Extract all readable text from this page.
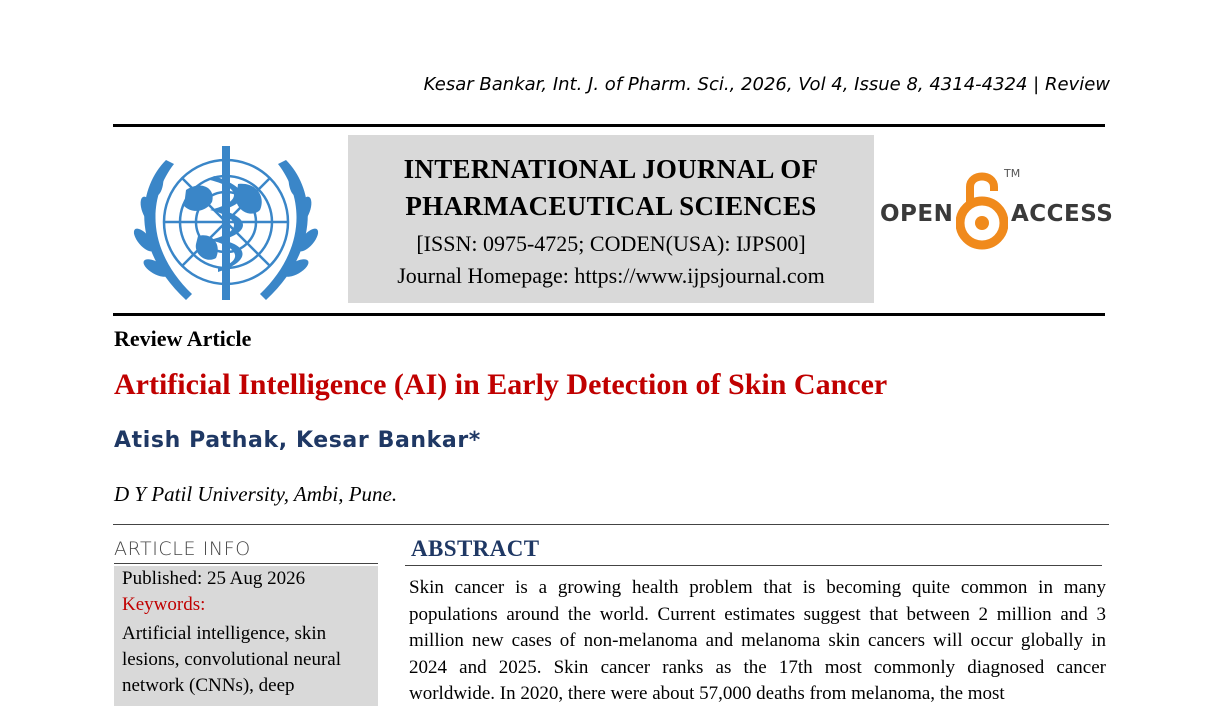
Kesar Bankar, Int. J. of Pharm. Sci., 2026, Vol 4, Issue 8, 4314-4324 | Review
INTERNATIONAL JOURNAL OF
PHARMACEUTICAL SCIENCES
[ISSN: 0975-4725; CODEN(USA): IJPS00]
Journal Homepage: https://www.ijpsjournal.com
OPEN
TM
ACCESS
Review Article
Artificial Intelligence (AI) in Early Detection of Skin Cancer
Atish Pathak, Kesar Bankar*
D Y Patil University, Ambi, Pune.
ARTICLE INFO
Published: 25 Aug 2026
Keywords:
Artificial intelligence, skin lesions, convolutional neural network (CNNs), deep
ABSTRACT
Skin cancer is a growing health problem that is becoming quite common in many populations around the world. Current estimates suggest that between 2 million and 3 million new cases of non-melanoma and melanoma skin cancers will occur globally in 2024 and 2025. Skin cancer ranks as the 17th most commonly diagnosed cancer worldwide. In 2020, there were about 57,000 deaths from melanoma, the most
